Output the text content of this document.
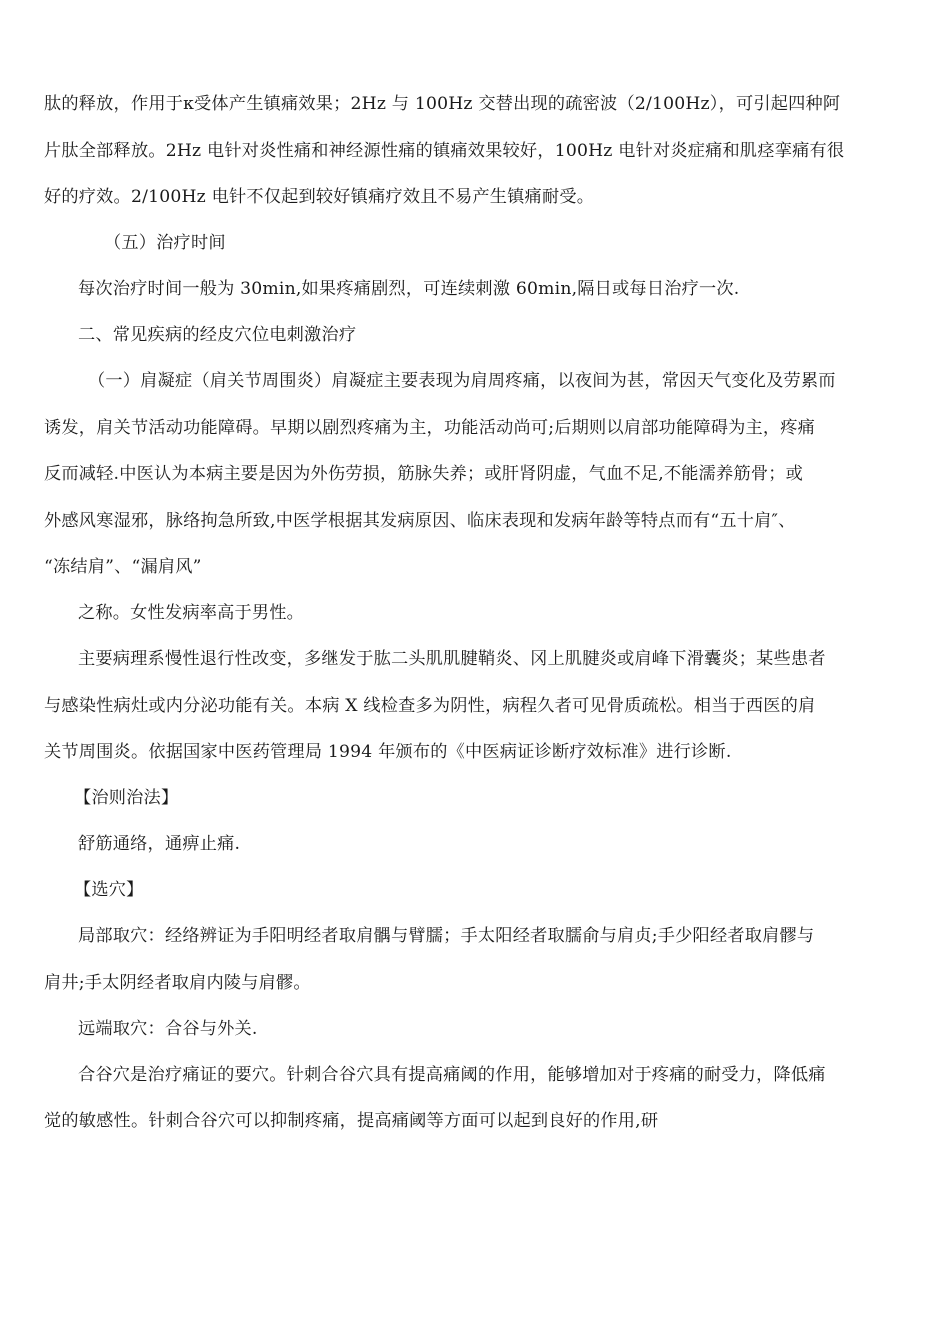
肽的释放，作用于κ受体产生镇痛效果；2Hz 与 100Hz 交替出现的疏密波（2/100Hz），可引起四种阿
片肽全部释放。2Hz 电针对炎性痛和神经源性痛的镇痛效果较好，100Hz 电针对炎症痛和肌痉挛痛有很
好的疗效。2/100Hz 电针不仅起到较好镇痛疗效且不易产生镇痛耐受。
（五）治疗时间
每次治疗时间一般为 30min,如果疼痛剧烈，可连续刺激 60min,隔日或每日治疗一次.
二、常见疾病的经皮穴位电刺激治疗
（一）肩凝症（肩关节周围炎）肩凝症主要表现为肩周疼痛，以夜间为甚，常因天气变化及劳累而
诱发，肩关节活动功能障碍。早期以剧烈疼痛为主，功能活动尚可;后期则以肩部功能障碍为主，疼痛
反而减轻.中医认为本病主要是因为外伤劳损，筋脉失养；或肝肾阴虚，气血不足,不能濡养筋骨；或
外感风寒湿邪，脉络拘急所致,中医学根据其发病原因、临床表现和发病年龄等特点而有“五十肩″、
“冻结肩”、“漏肩风”
之称。女性发病率高于男性。
主要病理系慢性退行性改变，多继发于肱二头肌肌腱鞘炎、冈上肌腱炎或肩峰下滑囊炎；某些患者
与感染性病灶或内分泌功能有关。本病 X 线检查多为阴性，病程久者可见骨质疏松。相当于西医的肩
关节周围炎。依据国家中医药管理局 1994 年颁布的《中医病证诊断疗效标准》进行诊断.
【治则治法】
舒筋通络，通痹止痛.
【选穴】
局部取穴：经络辨证为手阳明经者取肩髃与臂臑；手太阳经者取臑俞与肩贞;手少阳经者取肩髎与
肩井;手太阴经者取肩内陵与肩髎。
远端取穴：合谷与外关.
合谷穴是治疗痛证的要穴。针刺合谷穴具有提高痛阈的作用，能够增加对于疼痛的耐受力，降低痛
觉的敏感性。针刺合谷穴可以抑制疼痛，提高痛阈等方面可以起到良好的作用,研
